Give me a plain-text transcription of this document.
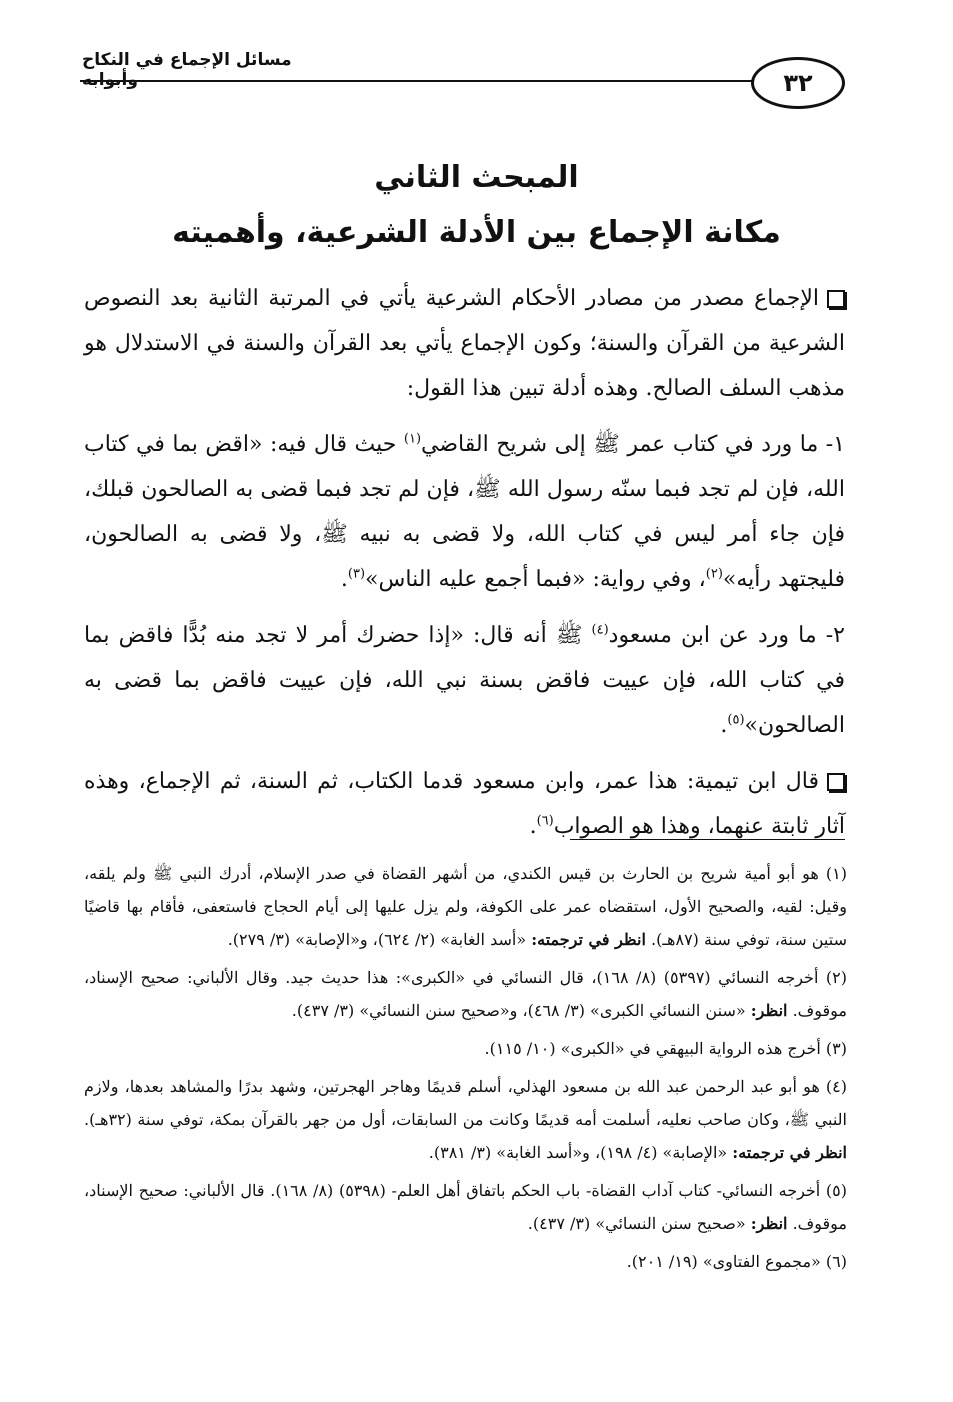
مسائل الإجماع في النكاح وأبوابه	٣٢
المبحث الثاني
مكانة الإجماع بين الأدلة الشرعية، وأهميته

الإجماع مصدر من مصادر الأحكام الشرعية يأتي في المرتبة الثانية بعد النصوص الشرعية من القرآن والسنة؛ وكون الإجماع يأتي بعد القرآن والسنة في الاستدلال هو مذهب السلف الصالح. وهذه أدلة تبين هذا القول:

١- ما ورد في كتاب عمر ﷺ إلى شريح القاضي$^{(١)}$ حيث قال فيه: «اقض بما في كتاب الله، فإن لم تجد فبما سنّه رسول الله ﷺ، فإن لم تجد فبما قضى به الصالحون قبلك، فإن جاء أمر ليس في كتاب الله، ولا قضى به نبيه ﷺ، ولا قضى به الصالحون، فليجتهد رأيه»$^{(٢)}$، وفي رواية: «فبما أجمع عليه الناس»$^{(٣)}$.

٢- ما ورد عن ابن مسعود$^{(٤)}$ ﷺ أنه قال: «إذا حضرك أمر لا تجد منه بُدًّا فاقض بما في كتاب الله، فإن عييت فاقض بسنة نبي الله، فإن عييت فاقض بما قضى به الصالحون»$^{(٥)}$.

قال ابن تيمية: هذا عمر، وابن مسعود قدما الكتاب، ثم السنة، ثم الإجماع، وهذه آثار ثابتة عنهما، وهذا هو الصواب$^{(٦)}$.

(١) هو أبو أمية شريح بن الحارث بن قيس الكندي، من أشهر القضاة في صدر الإسلام، أدرك النبي ﷺ ولم يلقه، وقيل: لقيه، والصحيح الأول، استقضاه عمر على الكوفة، ولم يزل عليها إلى أيام الحجاج فاستعفى، فأقام بها قاضيًا ستين سنة، توفي سنة (٨٧هـ). انظر في ترجمته: «أسد الغابة» (٢/ ٦٢٤)، و«الإصابة» (٣/ ٢٧٩).

(٢) أخرجه النسائي (٥٣٩٧) (٨/ ١٦٨)، قال النسائي في «الكبرى»: هذا حديث جيد. وقال الألباني: صحيح الإسناد، موقوف. انظر: «سنن النسائي الكبرى» (٣/ ٤٦٨)، و«صحيح سنن النسائي» (٣/ ٤٣٧).

(٣) أخرج هذه الرواية البيهقي في «الكبرى» (١٠/ ١١٥).

(٤) هو أبو عبد الرحمن عبد الله بن مسعود الهذلي، أسلم قديمًا وهاجر الهجرتين، وشهد بدرًا والمشاهد بعدها، ولازم النبي ﷺ، وكان صاحب نعليه، أسلمت أمه قديمًا وكانت من السابقات، أول من جهر بالقرآن بمكة، توفي سنة (٣٢هـ). انظر في ترجمته: «الإصابة» (٤/ ١٩٨)، و«أسد الغابة» (٣/ ٣٨١).

(٥) أخرجه النسائي- كتاب آداب القضاة- باب الحكم باتفاق أهل العلم- (٥٣٩٨) (٨/ ١٦٨). قال الألباني: صحيح الإسناد، موقوف. انظر: «صحيح سنن النسائي» (٣/ ٤٣٧).

(٦) «مجموع الفتاوى» (١٩/ ٢٠١).
